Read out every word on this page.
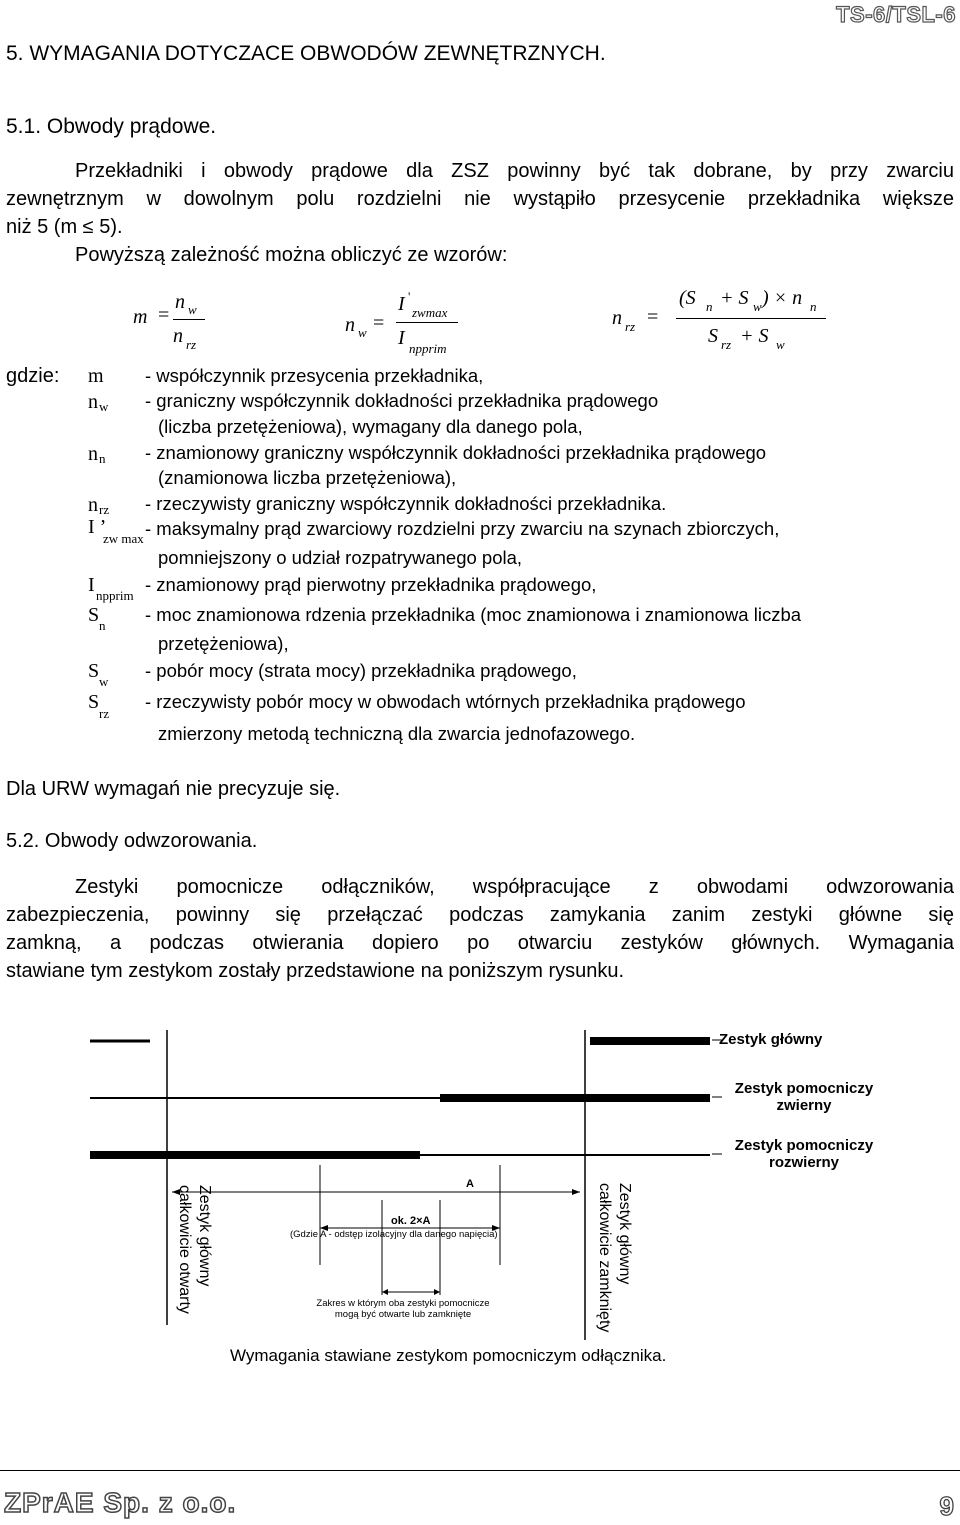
TS-6/TSL-6
5. WYMAGANIA DOTYCZACE OBWODÓW ZEWNĘTRZNYCH.
5.1. Obwody prądowe.
Przekładniki i obwody prądowe dla ZSZ powinny być tak dobrane, by przy zwarciu
zewnętrznym w dowolnym polu rozdzielni nie wystąpiło przesycenie przekładnika większe
niż 5 (m ≤ 5).
Powyższą zależność można obliczyć ze wzorów:
m =
n w
n rz
n w =
I '
zwmax
I npprim
n rz =
(S n + S w ) × n n
S rz + S w
gdzie: m - współczynnik przesycenia przekładnika,
n w - graniczny współczynnik dokładności przekładnika prądowego
(liczba przetężeniowa), wymagany dla danego pola,
n n - znamionowy graniczny współczynnik dokładności przekładnika prądowego
(znamionowa liczba przetężeniowa),
n rz - rzeczywisty graniczny współczynnik dokładności przekładnika.
I ’
zw max - maksymalny prąd zwarciowy rozdzielni przy zwarciu na szynach zbiorczych,
pomniejszony o udział rozpatrywanego pola,
I npprim
- znamionowy prąd pierwotny przekładnika prądowego,
S n
- moc znamionowa rdzenia przekładnika (moc znamionowa i znamionowa liczba
przetężeniowa),
S w
- pobór mocy (strata mocy) przekładnika prądowego,
S
rz
- rzeczywisty pobór mocy w obwodach wtórnych przekładnika prądowego
zmierzony metodą techniczną dla zwarcia jednofazowego.
Dla URW wymagań nie precyzuje się.
5.2. Obwody odwzorowania.
Zestyki pomocnicze odłączników, współpracujące z obwodami odwzorowania
zabezpieczenia, powinny się przełączać podczas zamykania zanim zestyki główne się
zamkną, a podczas otwierania dopiero po otwarciu zestyków głównych. Wymagania
stawiane tym zestykom zostały przedstawione na poniższym rysunku.
całkowicie otwarty Zestyk główny	całkowicie zamknięty Zestyk główny
Zestyk główny
Zestyk pomocniczy
zwierny
Zestyk pomocniczy
rozwierny
A
ok. 2×A
(Gdzie A - odstęp izolacyjny dla danego napięcia)
Zakres w którym oba zestyki pomocnicze
mogą być otwarte lub zamknięte
Wymagania stawiane zestykom pomocniczym odłącznika.
ZPrAE Sp. z o.o.	9
